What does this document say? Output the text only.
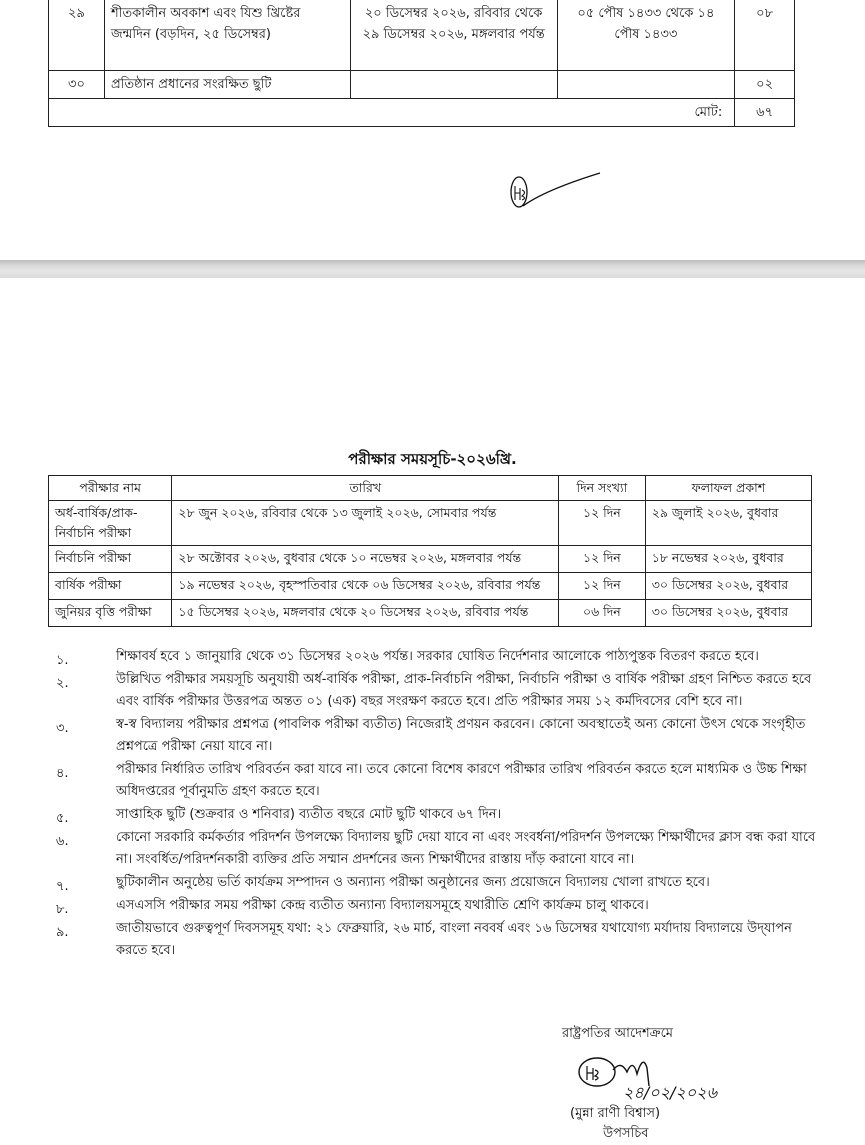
২৯	শীতকালীন অবকাশ এবং যিশু খ্রিষ্টের জন্মদিন (বড়দিন, ২৫ ডিসেম্বর)	২০ ডিসেম্বর ২০২৬, রবিবার থেকে ২৯ ডিসেম্বর ২০২৬, মঙ্গলবার পর্যন্ত	০৫ পৌষ ১৪৩৩ থেকে ১৪ পৌষ ১৪৩৩	০৮
৩০	প্রতিষ্ঠান প্রধানের সংরক্ষিত ছুটি			০২
মোট:				৬৭
পরীক্ষার সময়সূচি-২০২৬খ্রি.
পরীক্ষার নাম	তারিখ	দিন সংখ্যা	ফলাফল প্রকাশ
অর্ধ-বার্ষিক/প্রাক-নির্বাচনি পরীক্ষা	২৮ জুন ২০২৬, রবিবার থেকে ১৩ জুলাই ২০২৬, সোমবার পর্যন্ত	১২ দিন	২৯ জুলাই ২০২৬, বুধবার
নির্বাচনি পরীক্ষা	২৮ অক্টোবর ২০২৬, বুধবার থেকে ১০ নভেম্বর ২০২৬, মঙ্গলবার পর্যন্ত	১২ দিন	১৮ নভেম্বর ২০২৬, বুধবার
বার্ষিক পরীক্ষা	১৯ নভেম্বর ২০২৬, বৃহস্পতিবার থেকে ০৬ ডিসেম্বর ২০২৬, রবিবার পর্যন্ত	১২ দিন	৩০ ডিসেম্বর ২০২৬, বুধবার
জুনিয়র বৃত্তি পরীক্ষা	১৫ ডিসেম্বর ২০২৬, মঙ্গলবার থেকে ২০ ডিসেম্বর ২০২৬, রবিবার পর্যন্ত	০৬ দিন	৩০ ডিসেম্বর ২০২৬, বুধবার
১.	শিক্ষাবর্ষ হবে ১ জানুয়ারি থেকে ৩১ ডিসেম্বর ২০২৬ পর্যন্ত। সরকার ঘোষিত নির্দেশনার আলোকে পাঠ্যপুস্তক বিতরণ করতে হবে।
২.	উল্লিখিত পরীক্ষার সময়সূচি অনুযায়ী অর্ধ-বার্ষিক পরীক্ষা, প্রাক-নির্বাচনি পরীক্ষা, নির্বাচনি পরীক্ষা ও বার্ষিক পরীক্ষা গ্রহণ নিশ্চিত করতে হবে এবং বার্ষিক পরীক্ষার উত্তরপত্র অন্তত ০১ (এক) বছর সংরক্ষণ করতে হবে। প্রতি পরীক্ষার সময় ১২ কর্মদিবসের বেশি হবে না।
৩.	স্ব-স্ব বিদ্যালয় পরীক্ষার প্রশ্নপত্র (পাবলিক পরীক্ষা ব্যতীত) নিজেরাই প্রণয়ন করবেন। কোনো অবস্থাতেই অন্য কোনো উৎস থেকে সংগৃহীত প্রশ্নপত্রে পরীক্ষা নেয়া যাবে না।
৪.	পরীক্ষার নির্ধারিত তারিখ পরিবর্তন করা যাবে না। তবে কোনো বিশেষ কারণে পরীক্ষার তারিখ পরিবর্তন করতে হলে মাধ্যমিক ও উচ্চ শিক্ষা অধিদপ্তরের পূর্বানুমতি গ্রহণ করতে হবে।
৫.	সাপ্তাহিক ছুটি (শুক্রবার ও শনিবার) ব্যতীত বছরে মোট ছুটি থাকবে ৬৭ দিন।
৬.	কোনো সরকারি কর্মকর্তার পরিদর্শন উপলক্ষ্যে বিদ্যালয় ছুটি দেয়া যাবে না এবং সংবর্ধনা/পরিদর্শন উপলক্ষ্যে শিক্ষার্থীদের ক্লাস বন্ধ করা যাবে না। সংবর্ধিত/পরিদর্শনকারী ব্যক্তির প্রতি সম্মান প্রদর্শনের জন্য শিক্ষার্থীদের রাস্তায় দাঁড় করানো যাবে না।
৭.	ছুটিকালীন অনুষ্ঠেয় ভর্তি কার্যক্রম সম্পাদন ও অন্যান্য পরীক্ষা অনুষ্ঠানের জন্য প্রয়োজনে বিদ্যালয় খোলা রাখতে হবে।
৮.	এসএসসি পরীক্ষার সময় পরীক্ষা কেন্দ্র ব্যতীত অন্যান্য বিদ্যালয়সমূহে যথারীতি শ্রেণি কার্যক্রম চালু থাকবে।
৯.	জাতীয়ভাবে গুরুত্বপূর্ণ দিবসসমূহ যথা: ২১ ফেব্রুয়ারি, ২৬ মার্চ, বাংলা নববর্ষ এবং ১৬ ডিসেম্বর যথাযোগ্য মর্যাদায় বিদ্যালয়ে উদ্‌যাপন করতে হবে।
রাষ্ট্রপতির আদেশক্রমে
২৪/০২/২০২৬
(মুন্না রাণী বিশ্বাস)
উপসচিব
